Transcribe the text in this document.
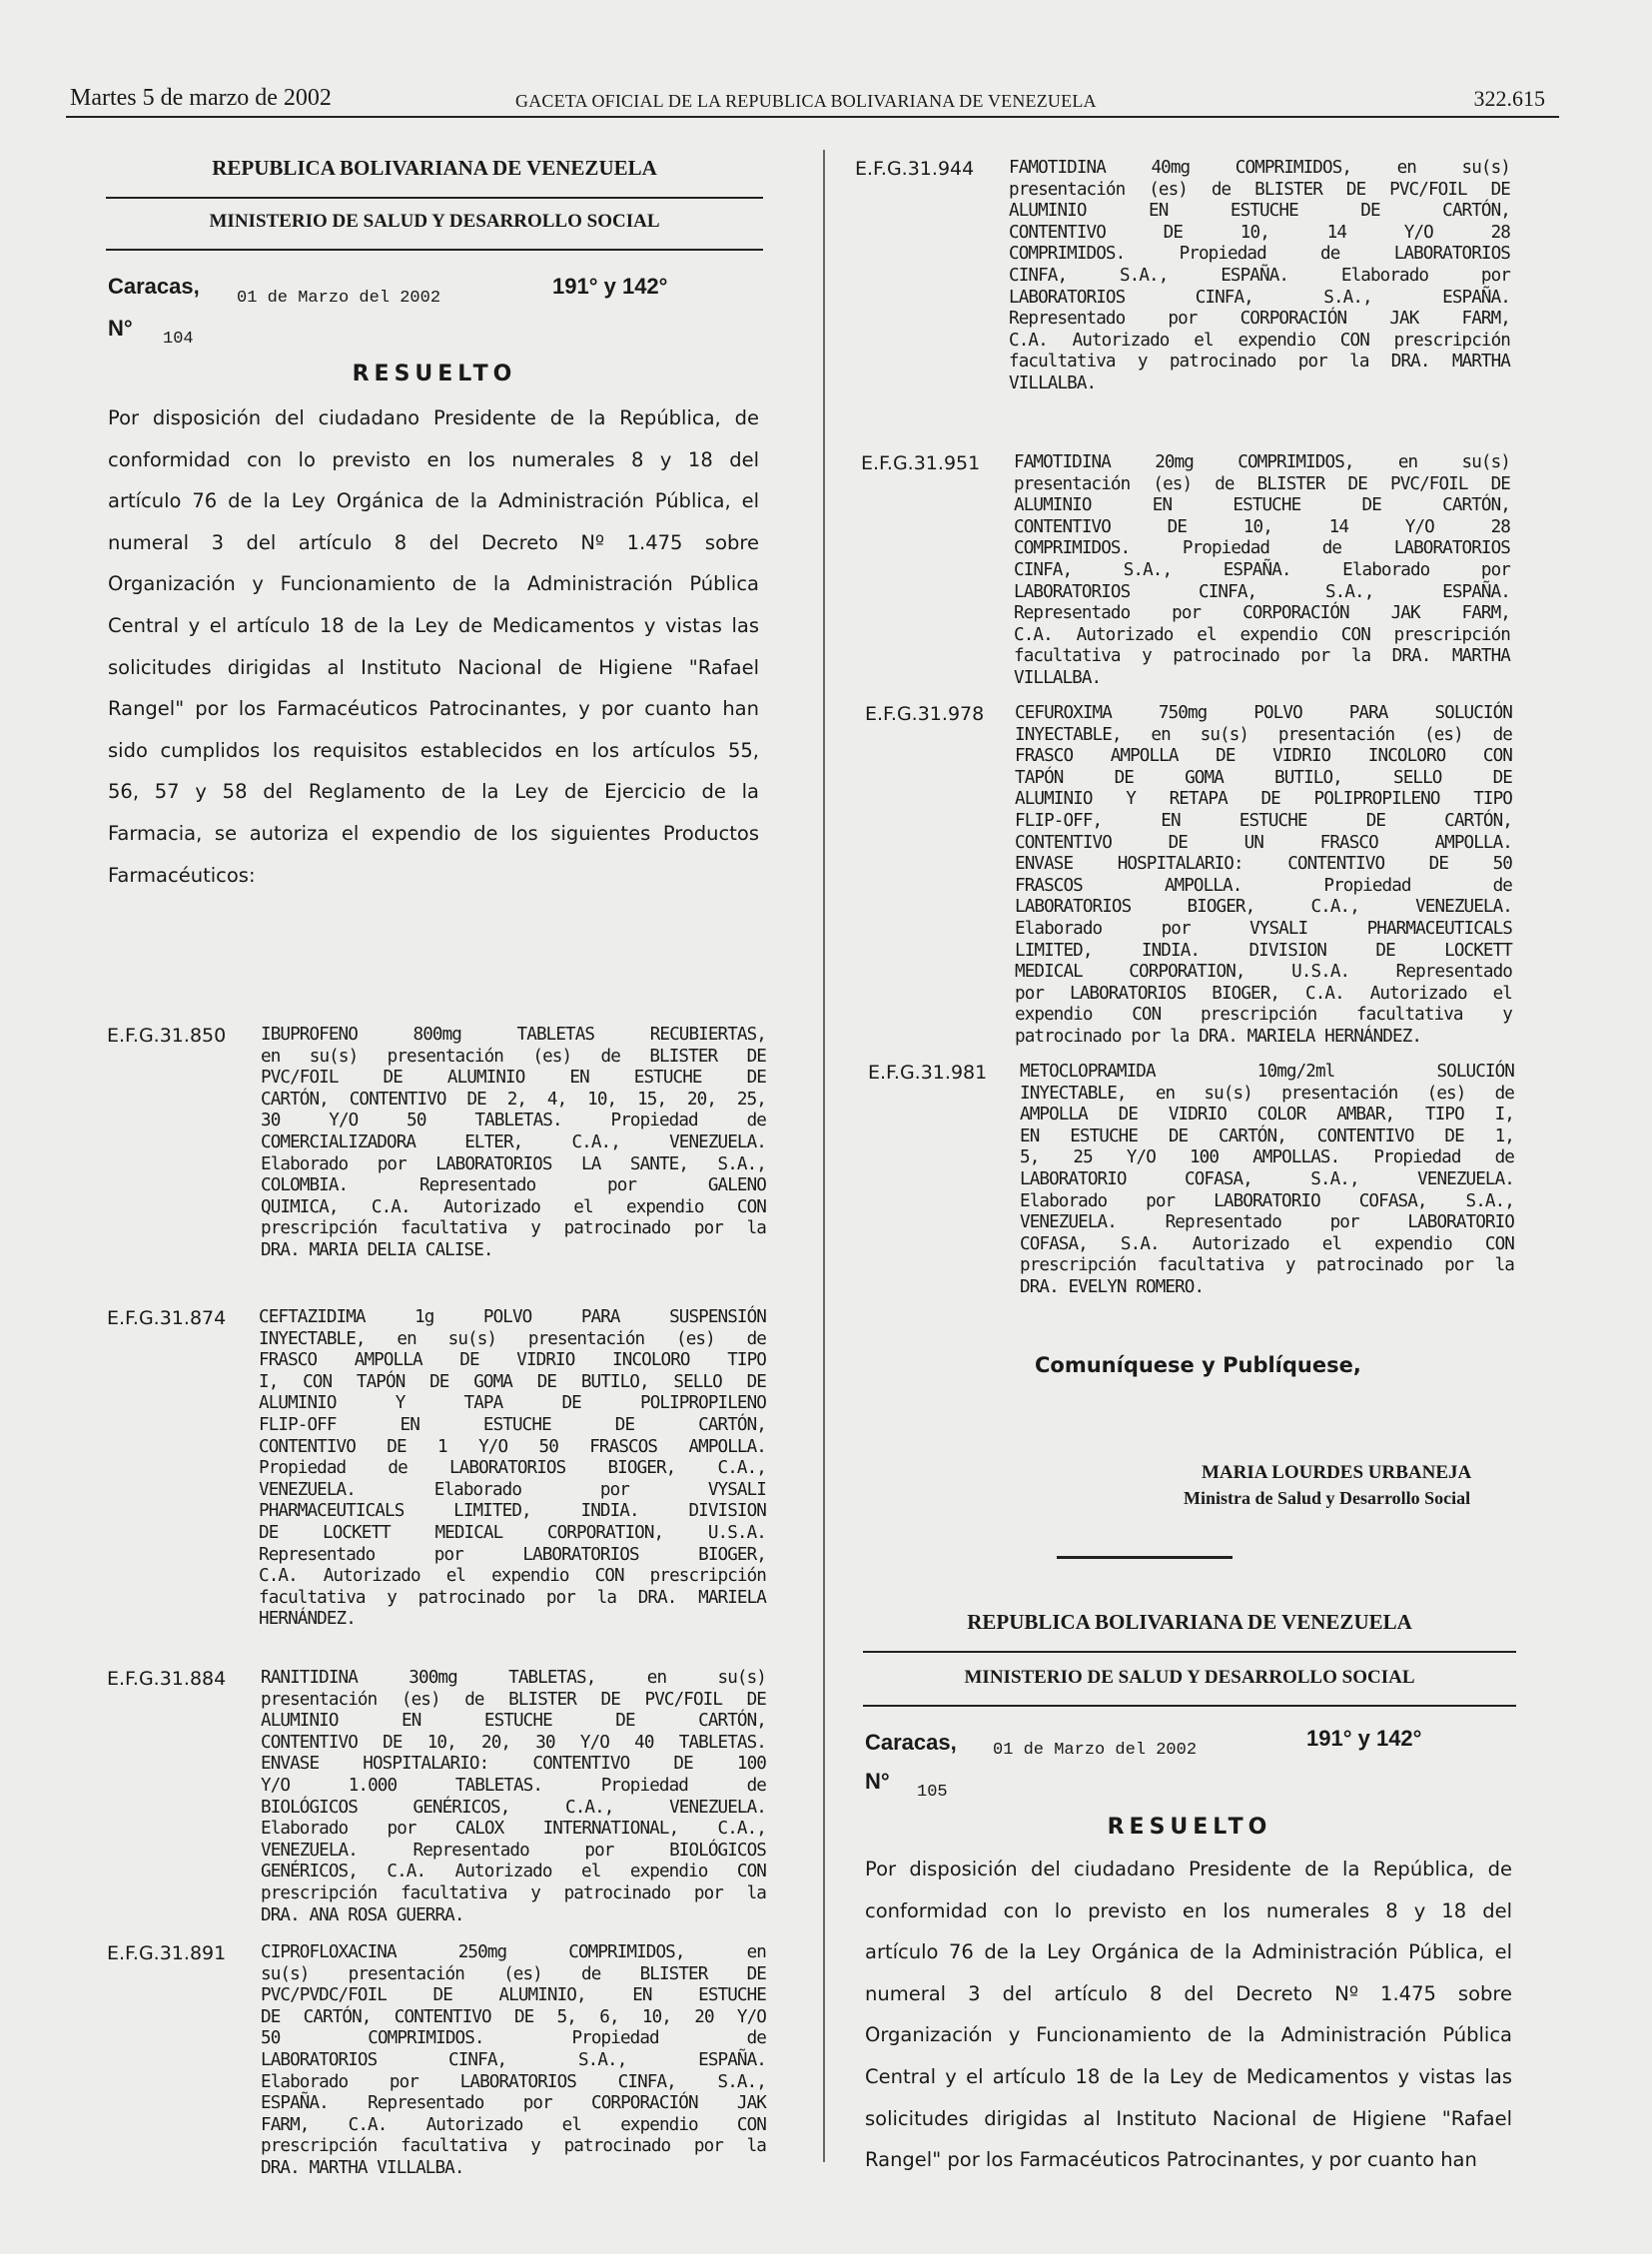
Martes 5 de marzo de 2002	GACETA OFICIAL DE LA REPUBLICA BOLIVARIANA DE VENEZUELA	322.615
REPUBLICA BOLIVARIANA DE VENEZUELA
MINISTERIO DE SALUD Y DESARROLLO SOCIAL
Caracas, 01 de Marzo del 2002	191° y 142°
N° 104
RESUELTO
Por disposición del ciudadano Presidente de la República, de
conformidad con lo previsto en los numerales 8 y 18 del
artículo 76 de la Ley Orgánica de la Administración Pública, el
numeral 3 del artículo 8 del Decreto Nº 1.475 sobre
Organización y Funcionamiento de la Administración Pública
Central y el artículo 18 de la Ley de Medicamentos y vistas las
solicitudes dirigidas al Instituto Nacional de Higiene "Rafael
Rangel" por los Farmacéuticos Patrocinantes, y por cuanto han
sido cumplidos los requisitos establecidos en los artículos 55,
56, 57 y 58 del Reglamento de la Ley de Ejercicio de la
Farmacia, se autoriza el expendio de los siguientes Productos
Farmacéuticos:
E.F.G.31.850 IBUPROFENO 800mg TABLETAS RECUBIERTAS,
en su(s) presentación (es) de BLISTER DE
PVC/FOIL DE ALUMINIO EN ESTUCHE DE
CARTÓN, CONTENTIVO DE 2, 4, 10, 15, 20, 25,
30 Y/O 50 TABLETAS. Propiedad de
COMERCIALIZADORA ELTER, C.A., VENEZUELA.
Elaborado por LABORATORIOS LA SANTE, S.A.,
COLOMBIA. Representado por GALENO
QUIMICA, C.A. Autorizado el expendio CON
prescripción facultativa y patrocinado por la
DRA. MARIA DELIA CALISE.
E.F.G.31.874 CEFTAZIDIMA 1g POLVO PARA SUSPENSIÓN
INYECTABLE, en su(s) presentación (es) de
FRASCO AMPOLLA DE VIDRIO INCOLORO TIPO
I, CON TAPÓN DE GOMA DE BUTILO, SELLO DE
ALUMINIO Y TAPA DE POLIPROPILENO
FLIP-OFF EN ESTUCHE DE CARTÓN,
CONTENTIVO DE 1 Y/O 50 FRASCOS AMPOLLA.
Propiedad de LABORATORIOS BIOGER, C.A.,
VENEZUELA. Elaborado por VYSALI
PHARMACEUTICALS LIMITED, INDIA. DIVISION
DE LOCKETT MEDICAL CORPORATION, U.S.A.
Representado por LABORATORIOS BIOGER,
C.A. Autorizado el expendio CON prescripción
facultativa y patrocinado por la DRA. MARIELA
HERNÁNDEZ.
E.F.G.31.884 RANITIDINA 300mg TABLETAS, en su(s)
presentación (es) de BLISTER DE PVC/FOIL DE
ALUMINIO EN ESTUCHE DE CARTÓN,
CONTENTIVO DE 10, 20, 30 Y/O 40 TABLETAS.
ENVASE HOSPITALARIO: CONTENTIVO DE 100
Y/O 1.000 TABLETAS. Propiedad de
BIOLÓGICOS GENÉRICOS, C.A., VENEZUELA.
Elaborado por CALOX INTERNATIONAL, C.A.,
VENEZUELA. Representado por BIOLÓGICOS
GENÉRICOS, C.A. Autorizado el expendio CON
prescripción facultativa y patrocinado por la
DRA. ANA ROSA GUERRA.
E.F.G.31.891 CIPROFLOXACINA 250mg COMPRIMIDOS, en
su(s) presentación (es) de BLISTER DE
PVC/PVDC/FOIL DE ALUMINIO, EN ESTUCHE
DE CARTÓN, CONTENTIVO DE 5, 6, 10, 20 Y/O
50 COMPRIMIDOS. Propiedad de
LABORATORIOS CINFA, S.A., ESPAÑA.
Elaborado por LABORATORIOS CINFA, S.A.,
ESPAÑA. Representado por CORPORACIÓN JAK
FARM, C.A. Autorizado el expendio CON
prescripción facultativa y patrocinado por la
DRA. MARTHA VILLALBA.
E.F.G.31.944 FAMOTIDINA 40mg COMPRIMIDOS, en su(s)
presentación (es) de BLISTER DE PVC/FOIL DE
ALUMINIO EN ESTUCHE DE CARTÓN,
CONTENTIVO DE 10, 14 Y/O 28
COMPRIMIDOS. Propiedad de LABORATORIOS
CINFA, S.A., ESPAÑA. Elaborado por
LABORATORIOS CINFA, S.A., ESPAÑA.
Representado por CORPORACIÓN JAK FARM,
C.A. Autorizado el expendio CON prescripción
facultativa y patrocinado por la DRA. MARTHA
VILLALBA.
E.F.G.31.951 FAMOTIDINA 20mg COMPRIMIDOS, en su(s)
presentación (es) de BLISTER DE PVC/FOIL DE
ALUMINIO EN ESTUCHE DE CARTÓN,
CONTENTIVO DE 10, 14 Y/O 28
COMPRIMIDOS. Propiedad de LABORATORIOS
CINFA, S.A., ESPAÑA. Elaborado por
LABORATORIOS CINFA, S.A., ESPAÑA.
Representado por CORPORACIÓN JAK FARM,
C.A. Autorizado el expendio CON prescripción
facultativa y patrocinado por la DRA. MARTHA
VILLALBA.
E.F.G.31.978 CEFUROXIMA 750mg POLVO PARA SOLUCIÓN
INYECTABLE, en su(s) presentación (es) de
FRASCO AMPOLLA DE VIDRIO INCOLORO CON
TAPÓN DE GOMA BUTILO, SELLO DE
ALUMINIO Y RETAPA DE POLIPROPILENO TIPO
FLIP-OFF, EN ESTUCHE DE CARTÓN,
CONTENTIVO DE UN FRASCO AMPOLLA.
ENVASE HOSPITALARIO: CONTENTIVO DE 50
FRASCOS AMPOLLA. Propiedad de
LABORATORIOS BIOGER, C.A., VENEZUELA.
Elaborado por VYSALI PHARMACEUTICALS
LIMITED, INDIA. DIVISION DE LOCKETT
MEDICAL CORPORATION, U.S.A. Representado
por LABORATORIOS BIOGER, C.A. Autorizado el
expendio CON prescripción facultativa y
patrocinado por la DRA. MARIELA HERNÁNDEZ.
E.F.G.31.981 METOCLOPRAMIDA 10mg/2ml SOLUCIÓN
INYECTABLE, en su(s) presentación (es) de
AMPOLLA DE VIDRIO COLOR AMBAR, TIPO I,
EN ESTUCHE DE CARTÓN, CONTENTIVO DE 1,
5, 25 Y/O 100 AMPOLLAS. Propiedad de
LABORATORIO COFASA, S.A., VENEZUELA.
Elaborado por LABORATORIO COFASA, S.A.,
VENEZUELA. Representado por LABORATORIO
COFASA, S.A. Autorizado el expendio CON
prescripción facultativa y patrocinado por la
DRA. EVELYN ROMERO.
Comuníquese y Publíquese,
MARIA LOURDES URBANEJA
Ministra de Salud y Desarrollo Social
REPUBLICA BOLIVARIANA DE VENEZUELA
MINISTERIO DE SALUD Y DESARROLLO SOCIAL
Caracas, 01 de Marzo del 2002	191° y 142°
N° 105
RESUELTO
Por disposición del ciudadano Presidente de la República, de
conformidad con lo previsto en los numerales 8 y 18 del
artículo 76 de la Ley Orgánica de la Administración Pública, el
numeral 3 del artículo 8 del Decreto Nº 1.475 sobre
Organización y Funcionamiento de la Administración Pública
Central y el artículo 18 de la Ley de Medicamentos y vistas las
solicitudes dirigidas al Instituto Nacional de Higiene "Rafael
Rangel" por los Farmacéuticos Patrocinantes, y por cuanto han
